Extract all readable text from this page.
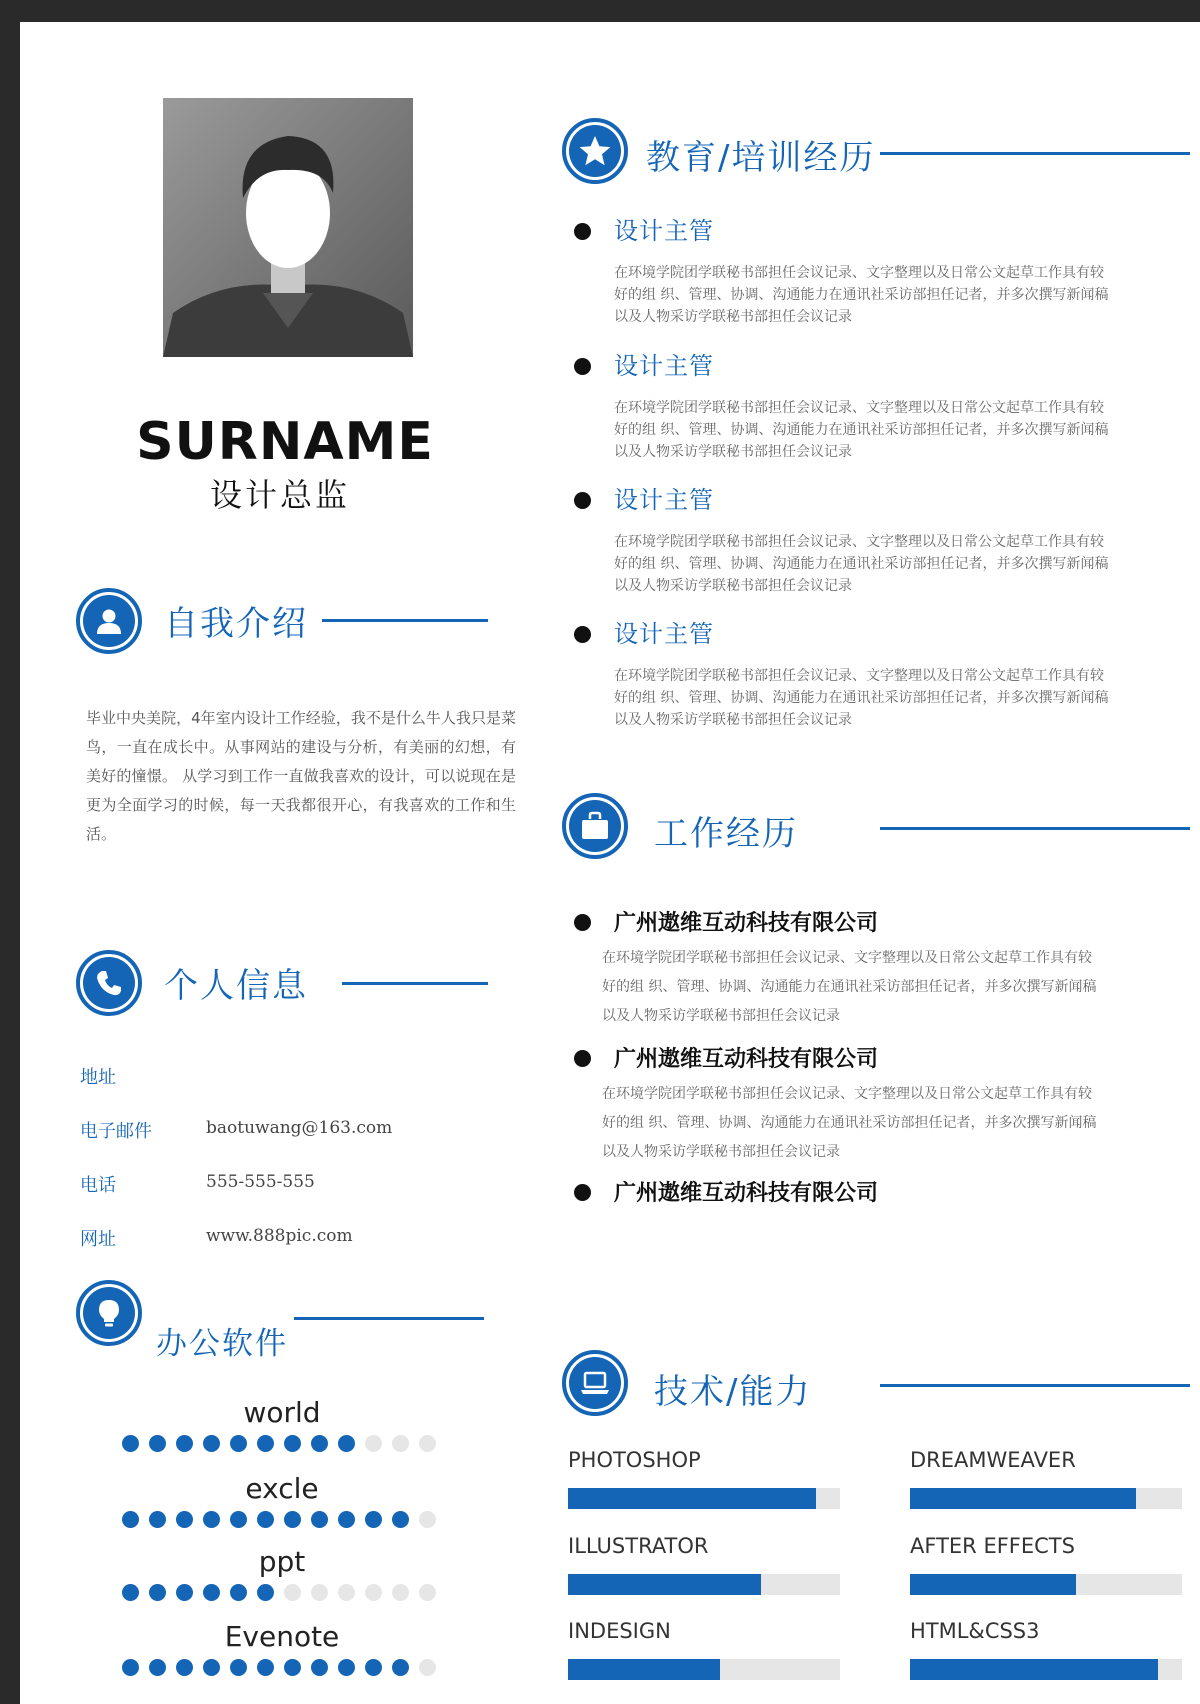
SURNAME
设计总监
自我介绍
毕业中央美院，4年室内设计工作经验，我不是什么牛人我只是菜鸟，一直在成长中。从事网站的建设与分析，有美丽的幻想，有美好的憧憬。 从学习到工作一直做我喜欢的设计，可以说现在是更为全面学习的时候，每一天我都很开心，有我喜欢的工作和生活。
个人信息
地址
电子邮件	baotuwang@163.com
电话	555-555-555
网址	www.888pic.com
办公软件
world
excle
ppt
Evenote
教育/培训经历
设计主管
在环境学院团学联秘书部担任会议记录、文字整理以及日常公文起草工作具有较好的组 织、管理、协调、沟通能力在通讯社采访部担任记者，并多次撰写新闻稿以及人物采访学联秘书部担任会议记录
设计主管
在环境学院团学联秘书部担任会议记录、文字整理以及日常公文起草工作具有较好的组 织、管理、协调、沟通能力在通讯社采访部担任记者，并多次撰写新闻稿以及人物采访学联秘书部担任会议记录
设计主管
在环境学院团学联秘书部担任会议记录、文字整理以及日常公文起草工作具有较好的组 织、管理、协调、沟通能力在通讯社采访部担任记者，并多次撰写新闻稿以及人物采访学联秘书部担任会议记录
设计主管
在环境学院团学联秘书部担任会议记录、文字整理以及日常公文起草工作具有较好的组 织、管理、协调、沟通能力在通讯社采访部担任记者，并多次撰写新闻稿以及人物采访学联秘书部担任会议记录
工作经历
广州遨维互动科技有限公司
在环境学院团学联秘书部担任会议记录、文字整理以及日常公文起草工作具有较好的组 织、管理、协调、沟通能力在通讯社采访部担任记者，并多次撰写新闻稿以及人物采访学联秘书部担任会议记录
广州遨维互动科技有限公司
在环境学院团学联秘书部担任会议记录、文字整理以及日常公文起草工作具有较好的组 织、管理、协调、沟通能力在通讯社采访部担任记者，并多次撰写新闻稿以及人物采访学联秘书部担任会议记录
广州遨维互动科技有限公司
技术/能力
PHOTOSHOP	DREAMWEAVER
ILLUSTRATOR	AFTER EFFECTS
INDESIGN	HTML&CSS3
